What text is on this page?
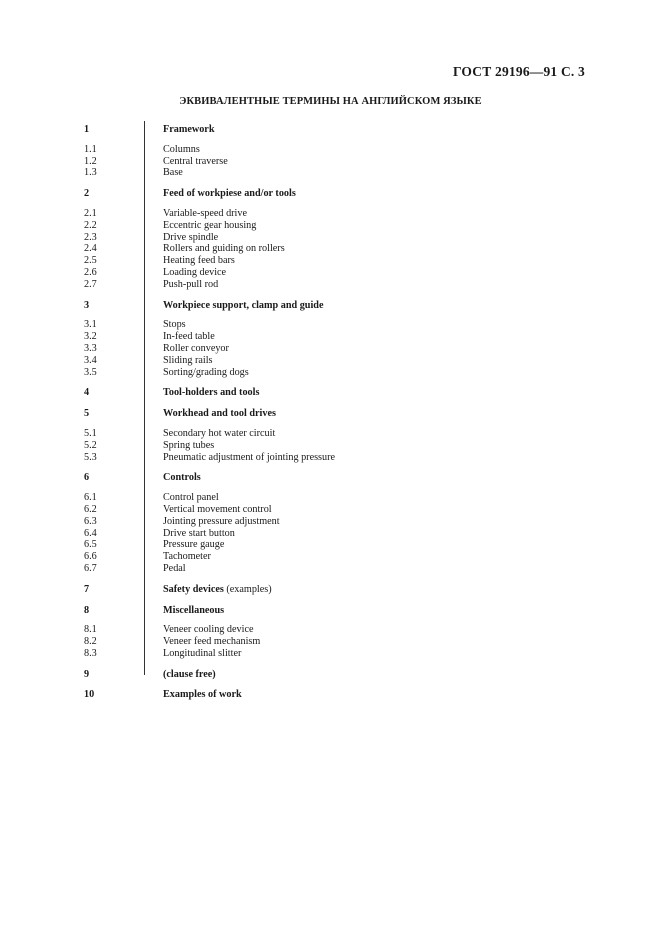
ГОСТ 29196—91 С. 3
ЭКВИВАЛЕНТНЫЕ ТЕРМИНЫ НА АНГЛИЙСКОМ ЯЗЫКЕ
1	Framework
1.1	Columns
1.2	Central traverse
1.3	Base
2	Feed of workpiese and/or tools
2.1	Variable-speed drive
2.2	Eccentric gear housing
2.3	Drive spindle
2.4	Rollers and guiding on rollers
2.5	Heating feed bars
2.6	Loading device
2.7	Push-pull rod
3	Workpiece support, clamp and guide
3.1	Stops
3.2	In-feed table
3.3	Roller conveyor
3.4	Sliding rails
3.5	Sorting/grading dogs
4	Tool-holders and tools
5	Workhead and tool drives
5.1	Secondary hot water circuit
5.2	Spring tubes
5.3	Pneumatic adjustment of jointing pressure
6	Controls
6.1	Control panel
6.2	Vertical movement control
6.3	Jointing pressure adjustment
6.4	Drive start button
6.5	Pressure gauge
6.6	Tachometer
6.7	Pedal
7	Safety devices (examples)
8	Miscellaneous
8.1	Veneer cooling device
8.2	Veneer feed mechanism
8.3	Longitudinal slitter
9	(clause free)
10	Examples of work
